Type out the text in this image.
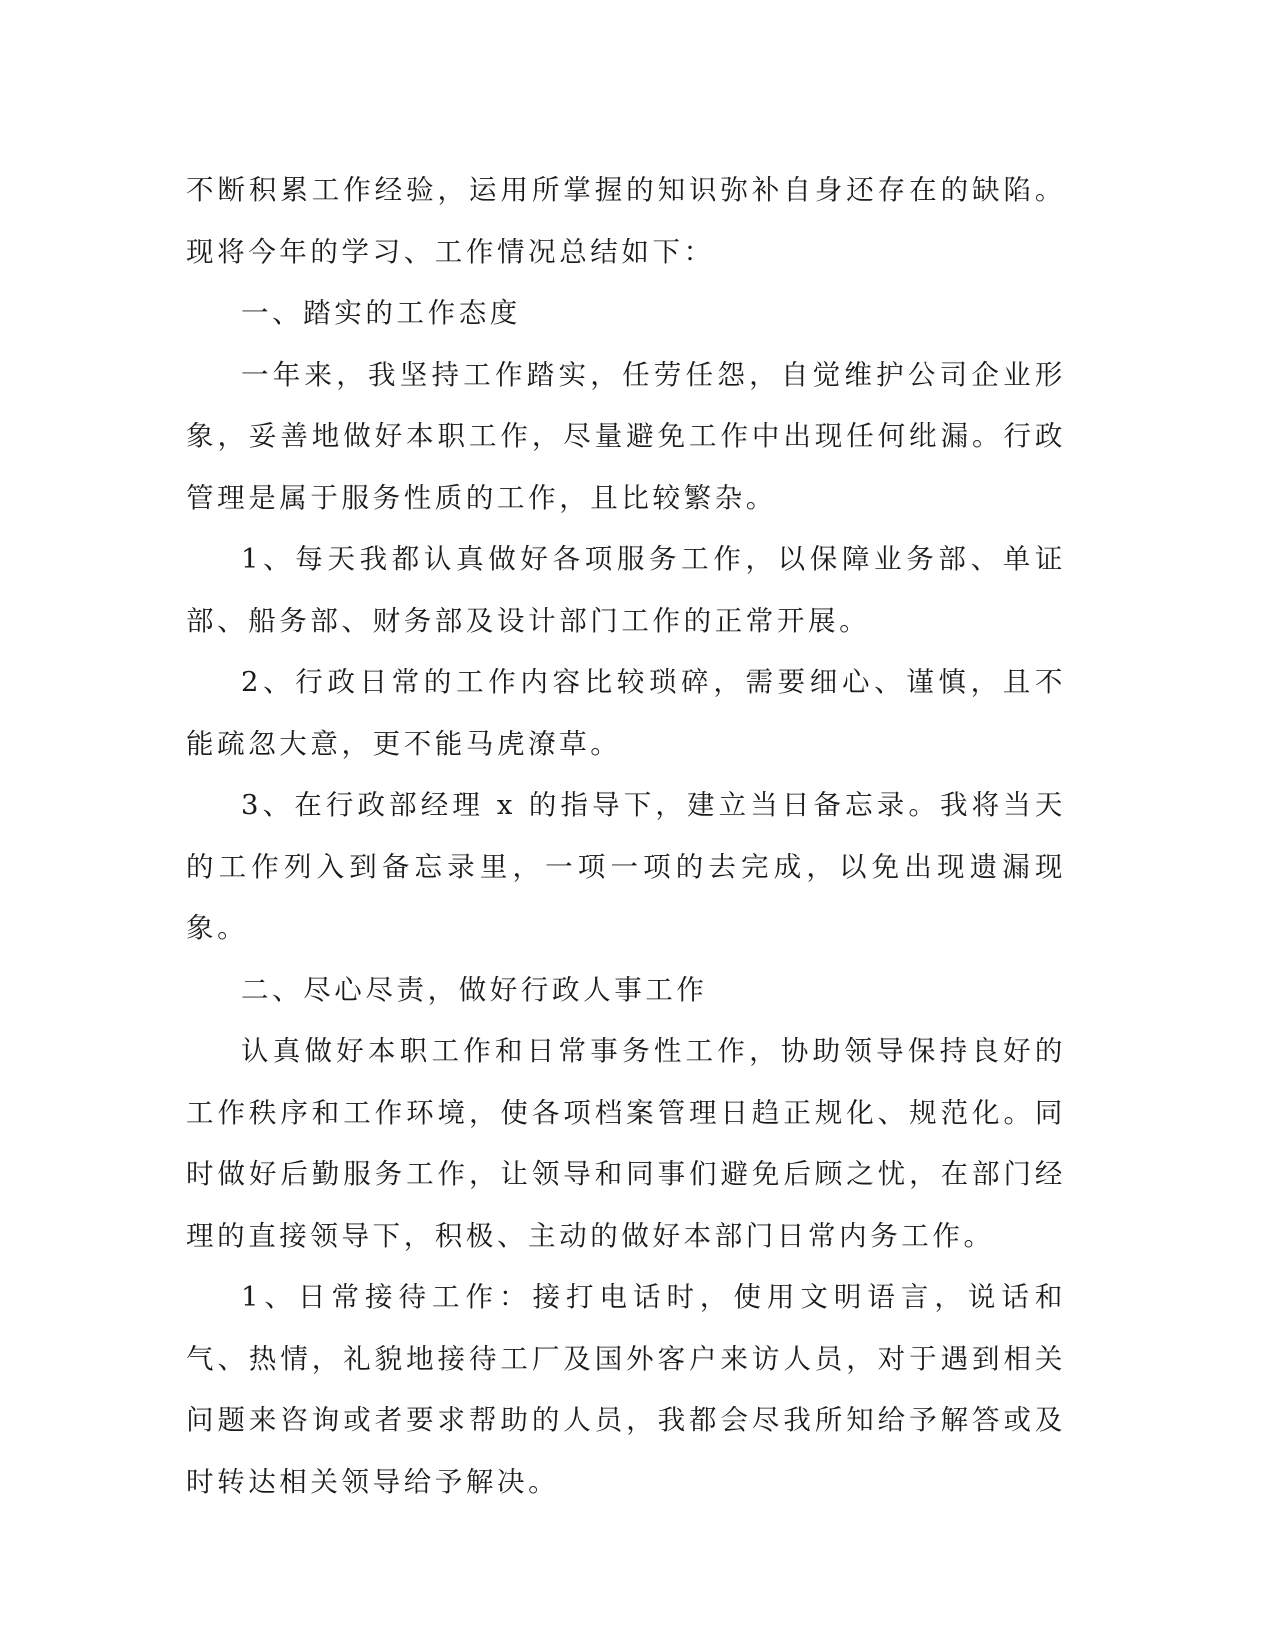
不断积累工作经验，运用所掌握的知识弥补自身还存在的缺陷。现将今年的学习、工作情况总结如下：

一、踏实的工作态度

一年来，我坚持工作踏实，任劳任怨，自觉维护公司企业形象，妥善地做好本职工作，尽量避免工作中出现任何纰漏。行政管理是属于服务性质的工作，且比较繁杂。

1、每天我都认真做好各项服务工作，以保障业务部、单证部、船务部、财务部及设计部门工作的正常开展。

2、行政日常的工作内容比较琐碎，需要细心、谨慎，且不能疏忽大意，更不能马虎潦草。

3、在行政部经理 x 的指导下，建立当日备忘录。我将当天的工作列入到备忘录里，一项一项的去完成，以免出现遗漏现象。

二、尽心尽责，做好行政人事工作

认真做好本职工作和日常事务性工作，协助领导保持良好的工作秩序和工作环境，使各项档案管理日趋正规化、规范化。同时做好后勤服务工作，让领导和同事们避免后顾之忧，在部门经理的直接领导下，积极、主动的做好本部门日常内务工作。

1、日常接待工作：接打电话时，使用文明语言，说话和气、热情，礼貌地接待工厂及国外客户来访人员，对于遇到相关问题来咨询或者要求帮助的人员，我都会尽我所知给予解答或及时转达相关领导给予解决。
